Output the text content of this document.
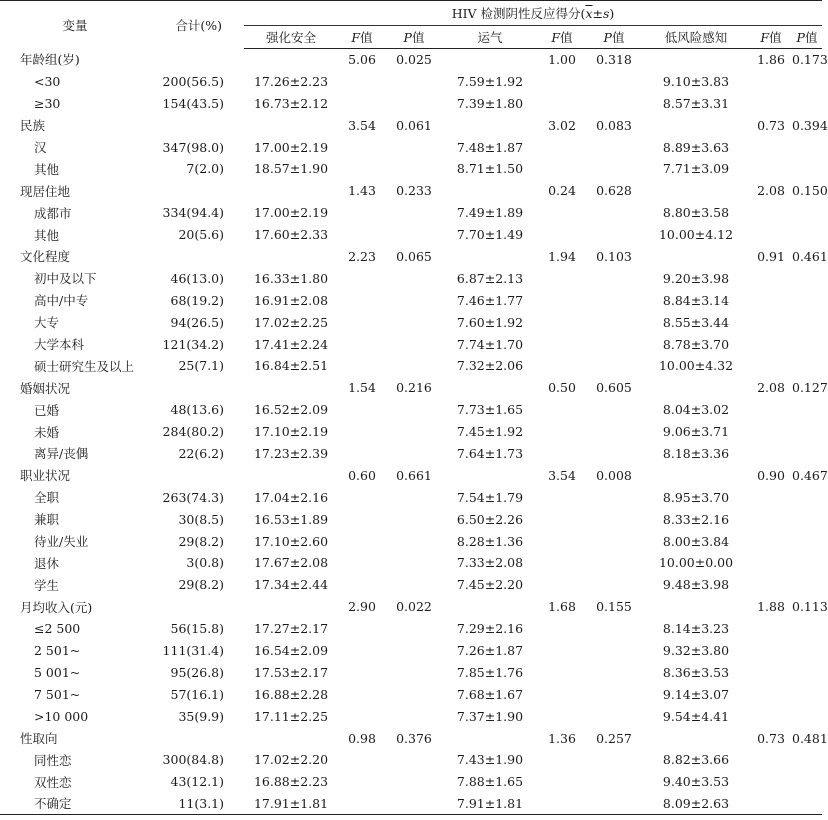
变量	合计(%)	HIV 检测阴性反应得分$(\overline{x}\pm s)$								
		强化安全	F值	P值	运气	F值	P值	低风险感知	F值	P值
年龄组(岁)			5.06	0.025		1.00	0.318		1.86	0.173
<30	200(56.5)	17.26±2.23			7.59±1.92			9.10±3.83		
≥30	154(43.5)	16.73±2.12			7.39±1.80			8.57±3.31		
民族			3.54	0.061		3.02	0.083		0.73	0.394
汉	347(98.0)	17.00±2.19			7.48±1.87			8.89±3.63		
其他	7(2.0)	18.57±1.90			8.71±1.50			7.71±3.09		
现居住地			1.43	0.233		0.24	0.628		2.08	0.150
成都市	334(94.4)	17.00±2.19			7.49±1.89			8.80±3.58		
其他	20(5.6)	17.60±2.33			7.70±1.49			10.00±4.12		
文化程度			2.23	0.065		1.94	0.103		0.91	0.461
初中及以下	46(13.0)	16.33±1.80			6.87±2.13			9.20±3.98		
高中/中专	68(19.2)	16.91±2.08			7.46±1.77			8.84±3.14		
大专	94(26.5)	17.02±2.25			7.60±1.92			8.55±3.44		
大学本科	121(34.2)	17.41±2.24			7.74±1.70			8.78±3.70		
硕士研究生及以上	25(7.1)	16.84±2.51			7.32±2.06			10.00±4.32		
婚姻状况			1.54	0.216		0.50	0.605		2.08	0.127
已婚	48(13.6)	16.52±2.09			7.73±1.65			8.04±3.02		
未婚	284(80.2)	17.10±2.19			7.45±1.92			9.06±3.71		
离异/丧偶	22(6.2)	17.23±2.39			7.64±1.73			8.18±3.36		
职业状况			0.60	0.661		3.54	0.008		0.90	0.467
全职	263(74.3)	17.04±2.16			7.54±1.79			8.95±3.70		
兼职	30(8.5)	16.53±1.89			6.50±2.26			8.33±2.16		
待业/失业	29(8.2)	17.10±2.60			8.28±1.36			8.00±3.84		
退休	3(0.8)	17.67±2.08			7.33±2.08			10.00±0.00		
学生	29(8.2)	17.34±2.44			7.45±2.20			9.48±3.98		
月均收入(元)			2.90	0.022		1.68	0.155		1.88	0.113
≤2 500	56(15.8)	17.27±2.17			7.29±2.16			8.14±3.23		
2 501~	111(31.4)	16.54±2.09			7.26±1.87			9.32±3.80		
5 001~	95(26.8)	17.53±2.17			7.85±1.76			8.36±3.53		
7 501~	57(16.1)	16.88±2.28			7.68±1.67			9.14±3.07		
>10 000	35(9.9)	17.11±2.25			7.37±1.90			9.54±4.41		
性取向			0.98	0.376		1.36	0.257		0.73	0.481
同性恋	300(84.8)	17.02±2.20			7.43±1.90			8.82±3.66		
双性恋	43(12.1)	16.88±2.23			7.88±1.65			9.40±3.53		
不确定	11(3.1)	17.91±1.81			7.91±1.81			8.09±2.63		
